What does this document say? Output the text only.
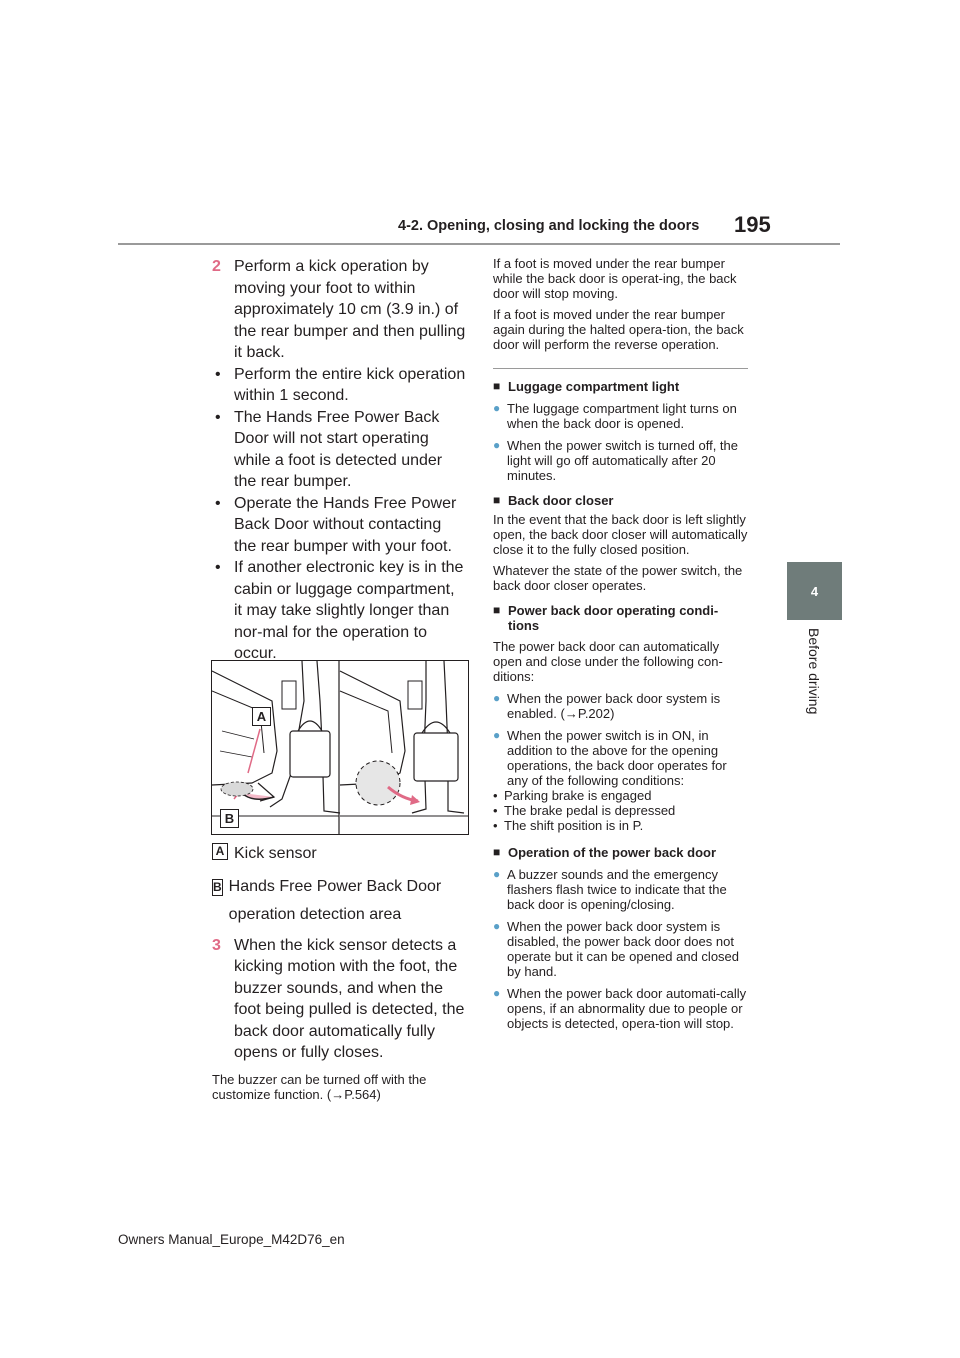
4-2. Opening, closing and locking the doors 195
4
Before driving
2 Perform a kick operation by moving your foot to within approximately 10 cm (3.9 in.) of the rear bumper and then pulling it back.
• Perform the entire kick operation within 1 second.
• The Hands Free Power Back Door will not start operating while a foot is detected under the rear bumper.
• Operate the Hands Free Power Back Door without contacting the rear bumper with your foot.
• If another electronic key is in the cabin or luggage compartment, it may take slightly longer than nor-mal for the operation to occur.
A
B
A Kick sensor
B Hands Free Power Back Door operation detection area
3 When the kick sensor detects a kicking motion with the foot, the buzzer sounds, and when the foot being pulled is detected, the back door automatically fully opens or fully closes.
The buzzer can be turned off with the customize function. (→P.564)
If a foot is moved under the rear bumper while the back door is operat-ing, the back door will stop moving.
If a foot is moved under the rear bumper again during the halted opera-tion, the back door will perform the reverse operation.
■ Luggage compartment light
● The luggage compartment light turns on when the back door is opened.
● When the power switch is turned off, the light will go off automatically after 20 minutes.
■ Back door closer
In the event that the back door is left slightly open, the back door closer will automatically close it to the fully closed position.
Whatever the state of the power switch, the back door closer operates.
■ Power back door operating condi-tions
The power back door can automatically open and close under the following con-ditions:
● When the power back door system is enabled. (→P.202)
● When the power switch is in ON, in addition to the above for the opening operations, the back door operates for any of the following conditions:
• Parking brake is engaged
• The brake pedal is depressed
• The shift position is in P.
■ Operation of the power back door
● A buzzer sounds and the emergency flashers flash twice to indicate that the back door is opening/closing.
● When the power back door system is disabled, the power back door does not operate but it can be opened and closed by hand.
● When the power back door automati-cally opens, if an abnormality due to people or objects is detected, opera-tion will stop.
Owners Manual_Europe_M42D76_en
